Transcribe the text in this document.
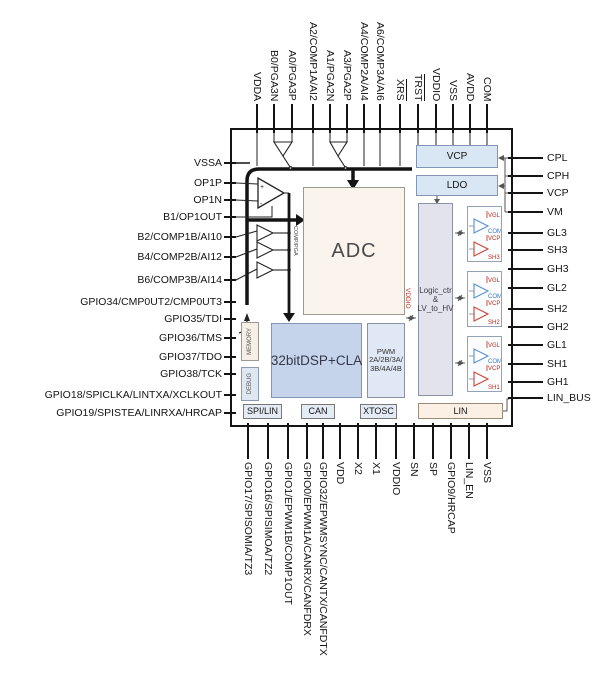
+
-
ADC
32bitDSP+CLA
PWM
2A/2B/3A/
3B/4A/4B
MEMORY
DEBUG
SPI/LIN	CAN	XTOSC	LIN
VCP
LDO
Logic_ctr
&
LV_to_HV
VDDIO
COMP/PGA
VGL
COM
VCP
SH3
VGL
COM
VCP
SH2
VGL
COM
VCP
SH1
VDDA B0/PGA3N A0/PGA3P A2/COMP1A/AI2 A1/PGA2N A3/PGA2P A4/COMP2A/AI4 A6/COMP3A/AI6 XRS TRST VDDIO VSS AVDD COM
GPIO17/SPISOMIA/TZ3 GPIO16/SPISIMOA/TZ2 GPIO1/EPWM1B/COMP1OUT GPIO0/EPWM1A/CANRX/CANFDRX GPIO32/EPWMSYNC/CANTX/CANFDTX VDD X2 X1 VDDIO SN SP GPIO9/HRCAP LIN_EN VSS
VSSA
OP1P
OP1N
B1/OP1OUT
B2/COMP1B/AI10
B4/COMP2B/AI12
B6/COMP3B/AI14
GPIO34/CMP0UT2/CMP0UT3
GPIO35/TDI
GPIO36/TMS
GPIO37/TDO
GPIO38/TCK
GPIO18/SPICLKA/LINTXA/XCLKOUT
GPIO19/SPISTEA/LINRXA/HRCAP
CPL
CPH
VCP
VM
GL3
SH3
GH3
GL2
SH2
GH2
GL1
SH1
GH1
LIN_BUS
